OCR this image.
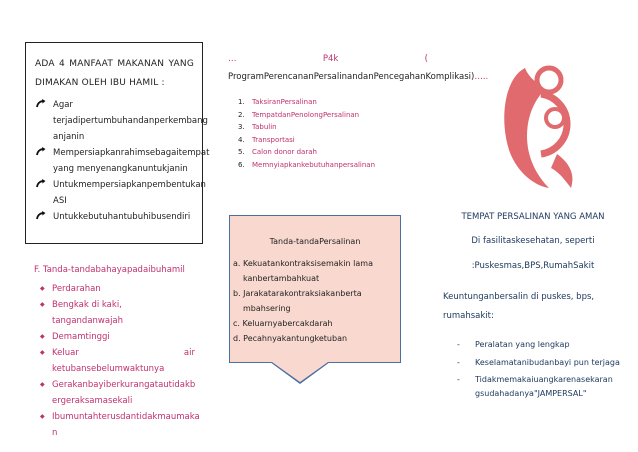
ADA 4 MANFAAT MAKANAN YANG DIMAKAN OLEH IBU HAMIL :
Agar terjadipertumbuhandanperkembang anjanin
Mempersiapkanrahimsebagaitempat yang menyenangkanuntukjanin
Untukmempersiapkanpembentukan ASI
Untukkebutuhantubuhibusendiri
F. Tanda-tandabahayapadaibuhamil
◆ Perdarahan
◆ Bengkak di kaki, tangandanwajah
◆ Demamtinggi
◆ Keluar	air
ketubansebelumwaktunya
◆ Gerakanbayiberkurangatautidakb ergeraksamasekali
◆ Ibumuntahterusdantidakmaumaka n
…	P4k	(
ProgramPerencananPersalinandanPencegahanKomplikasi)…..
1.	TaksiranPersalinan
2.	TempatdanPenolongPersalinan
3.	Tabulin
4.	Transportasi
5.	Calon donor darah
6.	Memnyiapkankebutuhanpersalinan
Tanda-tandaPersalinan
a. Kekuatankontraksisemakin lama
kanbertambahkuat
b. Jarakatarakontraksiakanberta
mbahsering
c. Keluarnyabercakdarah
d. Pecahnyakantungketuban
TEMPAT PERSALINAN YANG AMAN
Di fasilitaskesehatan, seperti
:Puskesmas,BPS,RumahSakit
Keuntunganbersalin di puskes, bps, rumahsakit:
- Peralatan yang lengkap
- Keselamatanibudanbayi pun terjaga
- Tidakmemakaiuangkarenasekaran gsudahadanya"JAMPERSAL"
